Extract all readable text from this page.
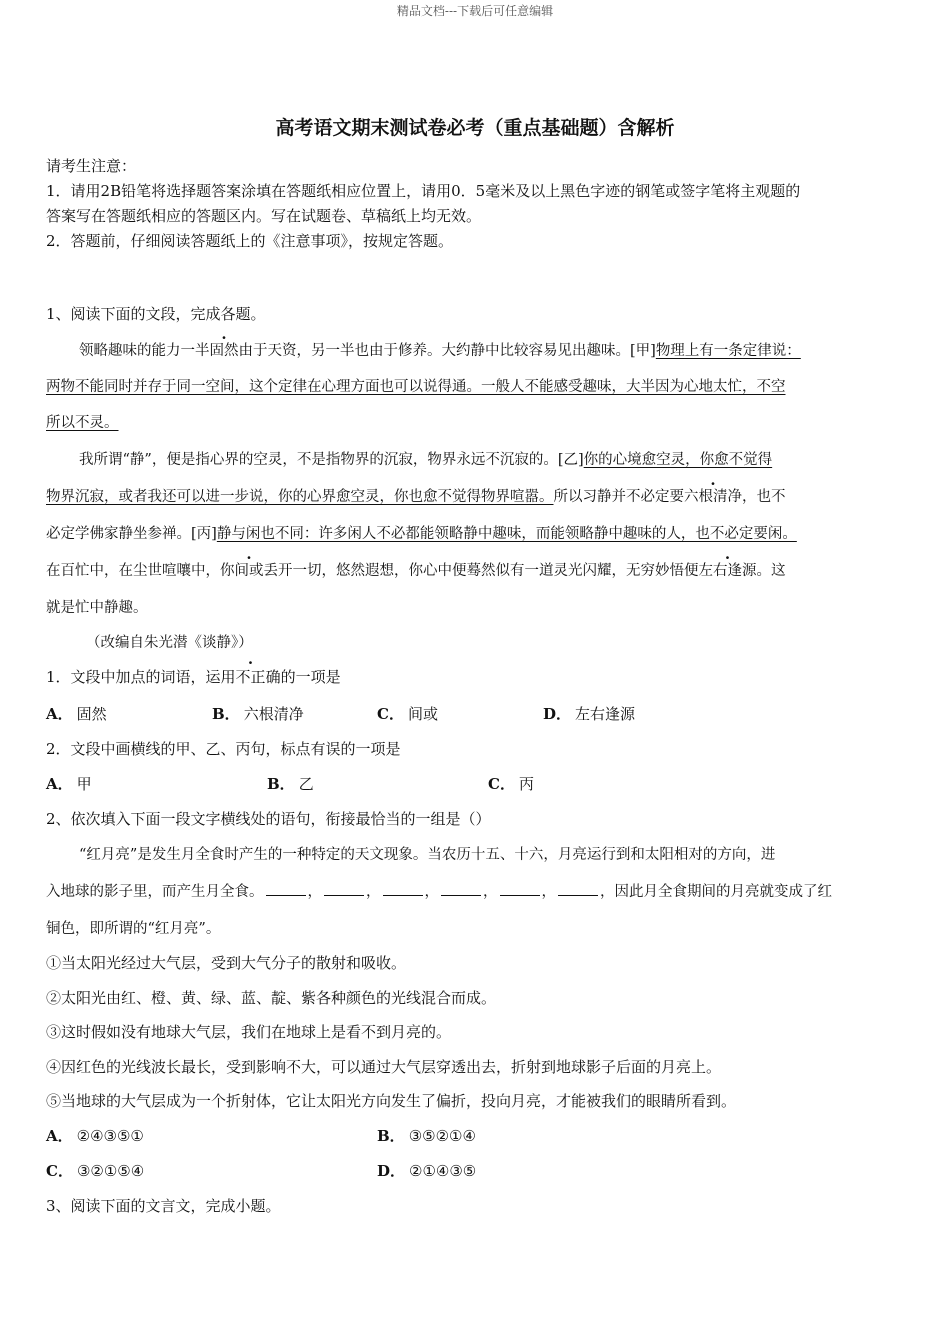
精品文档---下载后可任意编辑
高考语文期末测试卷必考（重点基础题）含解析
请考生注意：
1．请用2B铅笔将选择题答案涂填在答题纸相应位置上，请用0．5毫米及以上黑色字迹的钢笔或签字笔将主观题的
答案写在答题纸相应的答题区内。写在试题卷、草稿纸上均无效。
2．答题前，仔细阅读答题纸上的《注意事项》，按规定答题。
1、阅读下面的文段，完成各题。
领略趣味的能力一半固然由于天资，另一半也由于修养。大约静中比较容易见出趣味。[甲]物理上有一条定律说：
两物不能同时并存于同一空间，这个定律在心理方面也可以说得通。一般人不能感受趣味，大半因为心地太忙，不空
所以不灵。
我所谓“静”，便是指心界的空灵，不是指物界的沉寂，物界永远不沉寂的。[乙]你的心境愈空灵，你愈不觉得
物界沉寂，或者我还可以进一步说，你的心界愈空灵，你也愈不觉得物界喧嚣。所以习静并不必定要六根清净，也不
必定学佛家静坐参禅。[丙]静与闲也不同：许多闲人不必都能领略静中趣味，而能领略静中趣味的人，也不必定要闲。
在百忙中，在尘世喧嚷中，你间或丢开一切，悠然遐想，你心中便蓦然似有一道灵光闪耀，无穷妙悟便左右逢源。这
就是忙中静趣。
（改编自朱光潜《谈静》）
1．文段中加点的词语，运用不正确的一项是
A． 固然	B． 六根清净	C． 间或	D． 左右逢源
2．文段中画横线的甲、乙、丙句，标点有误的一项是
A． 甲	B． 乙	C． 丙
2、依次填入下面一段文字横线处的语句，衔接最恰当的一组是（）
“红月亮”是发生月全食时产生的一种特定的天文现象。当农历十五、十六，月亮运行到和太阳相对的方向，进
入地球的影子里，而产生月全食。	，	，	，	，	，	，因此月全食期间的月亮就变成了红
铜色，即所谓的“红月亮”。
①当太阳光经过大气层，受到大气分子的散射和吸收。
②太阳光由红、橙、黄、绿、蓝、靛、紫各种颜色的光线混合而成。
③这时假如没有地球大气层，我们在地球上是看不到月亮的。
④因红色的光线波长最长，受到影响不大，可以通过大气层穿透出去，折射到地球影子后面的月亮上。
⑤当地球的大气层成为一个折射体，它让太阳光方向发生了偏折，投向月亮，才能被我们的眼睛所看到。
A． ②④③⑤①	B． ③⑤②①④
C． ③②①⑤④	D． ②①④③⑤
3、阅读下面的文言文，完成小题。
